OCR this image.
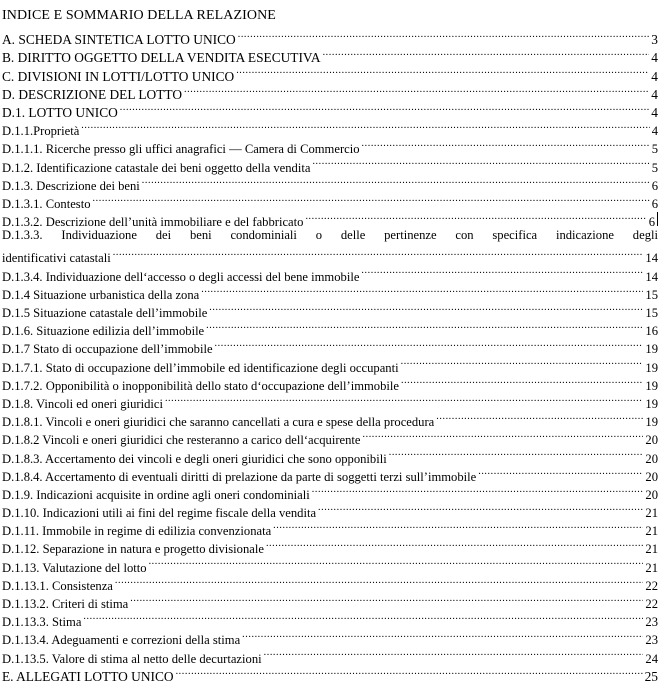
INDICE E SOMMARIO DELLA RELAZIONE
A. SCHEDA SINTETICA LOTTO UNICO .....	3
B. DIRITTO OGGETTO DELLA VENDITA ESECUTIVA .....	4
C. DIVISIONI IN LOTTI/LOTTO UNICO .....	4
D. DESCRIZIONE DEL LOTTO .....	4
D.1. LOTTO UNICO .....	4
D.1.1.Proprietà .....	4
D.1.1.1. Ricerche presso gli uffici anagrafici — Camera di Commercio .....	5
D.1.2. Identificazione catastale dei beni oggetto della vendita .....	5
D.1.3. Descrizione dei beni .....	6
D.1.3.1. Contesto .....	6
D.1.3.2. Descrizione dell’unità immobiliare e del fabbricato .....	6
D.1.3.3. Individuazione dei beni condominiali o delle pertinenze con specifica indicazione degli
identificativi catastali .....	14
D.1.3.4. Individuazione dell‘accesso o degli accessi del bene immobile .....	14
D.1.4 Situazione urbanistica della zona .....	15
D.1.5 Situazione catastale dell’immobile .....	15
D.1.6. Situazione edilizia dell’immobile .....	16
D.1.7 Stato di occupazione dell’immobile .....	19
D.1.7.1. Stato di occupazione dell’immobile ed identificazione degli occupanti .....	19
D.1.7.2. Opponibilità o inopponibilità dello stato d‘occupazione dell’immobile .....	19
D.1.8. Vincoli ed oneri giuridici .....	19
D.1.8.1. Vincoli e oneri giuridici che saranno cancellati a cura e spese della procedura .....	19
D.1.8.2 Vincoli e oneri giuridici che resteranno a carico dell‘acquirente .....	20
D.1.8.3. Accertamento dei vincoli e degli oneri giuridici che sono opponibili .....	20
D.1.8.4. Accertamento di eventuali diritti di prelazione da parte di soggetti terzi sull’immobile .....	20
D.1.9. Indicazioni acquisite in ordine agli oneri condominiali .....	20
D.1.10. Indicazioni utili ai fini del regime fiscale della vendita .....	21
D.1.11. Immobile in regime di edilizia convenzionata .....	21
D.1.12. Separazione in natura e progetto divisionale .....	21
D.1.13. Valutazione del lotto .....	21
D.1.13.1. Consistenza .....	22
D.1.13.2. Criteri di stima .....	22
D.1.13.3. Stima .....	23
D.1.13.4. Adeguamenti e correzioni della stima .....	23
D.1.13.5. Valore di stima al netto delle decurtazioni .....	24
E. ALLEGATI LOTTO UNICO .....	25
